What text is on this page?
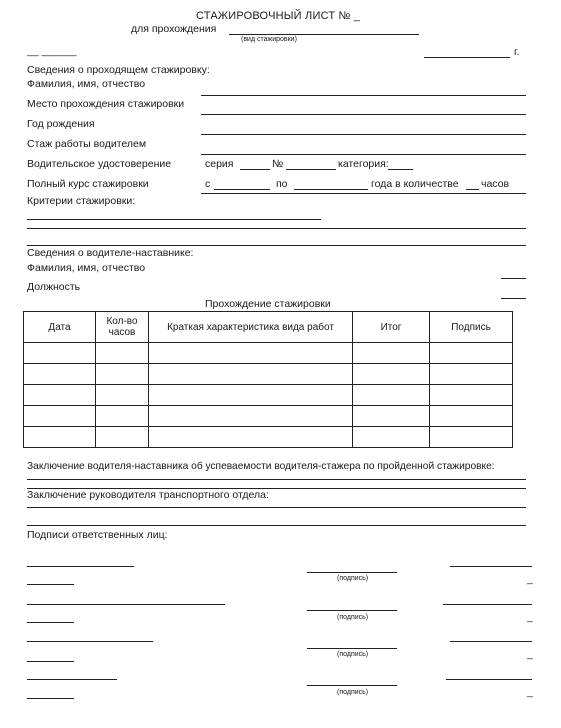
СТАЖИРОВОЧНЫЙ ЛИСТ № _
для прохождения
(вид стажировки)
__ ______	г.
Сведения о проходящем стажировку:
Фамилия, имя, отчество
Место прохождения стажировки
Год рождения
Стаж работы водителем
Водительское удостоверение	серия	№	категория:
Полный курс стажировки	с	по	года в количестве часов
Критерии стажировки:
Сведения о водителе-наставнике:
Фамилия, имя, отчество
Должность
Прохождение стажировки
Дата	Кол-во часов	Краткая характеристика вида работ	Итог	Подпись

Заключение водителя-наставника об успеваемости водителя-стажера по пройденной стажировке:
Заключение руководителя транспортного отдела:
Подписи ответственных лиц:
(подпись)	_
(подпись)	_
(подпись)	_
(подпись)	_
